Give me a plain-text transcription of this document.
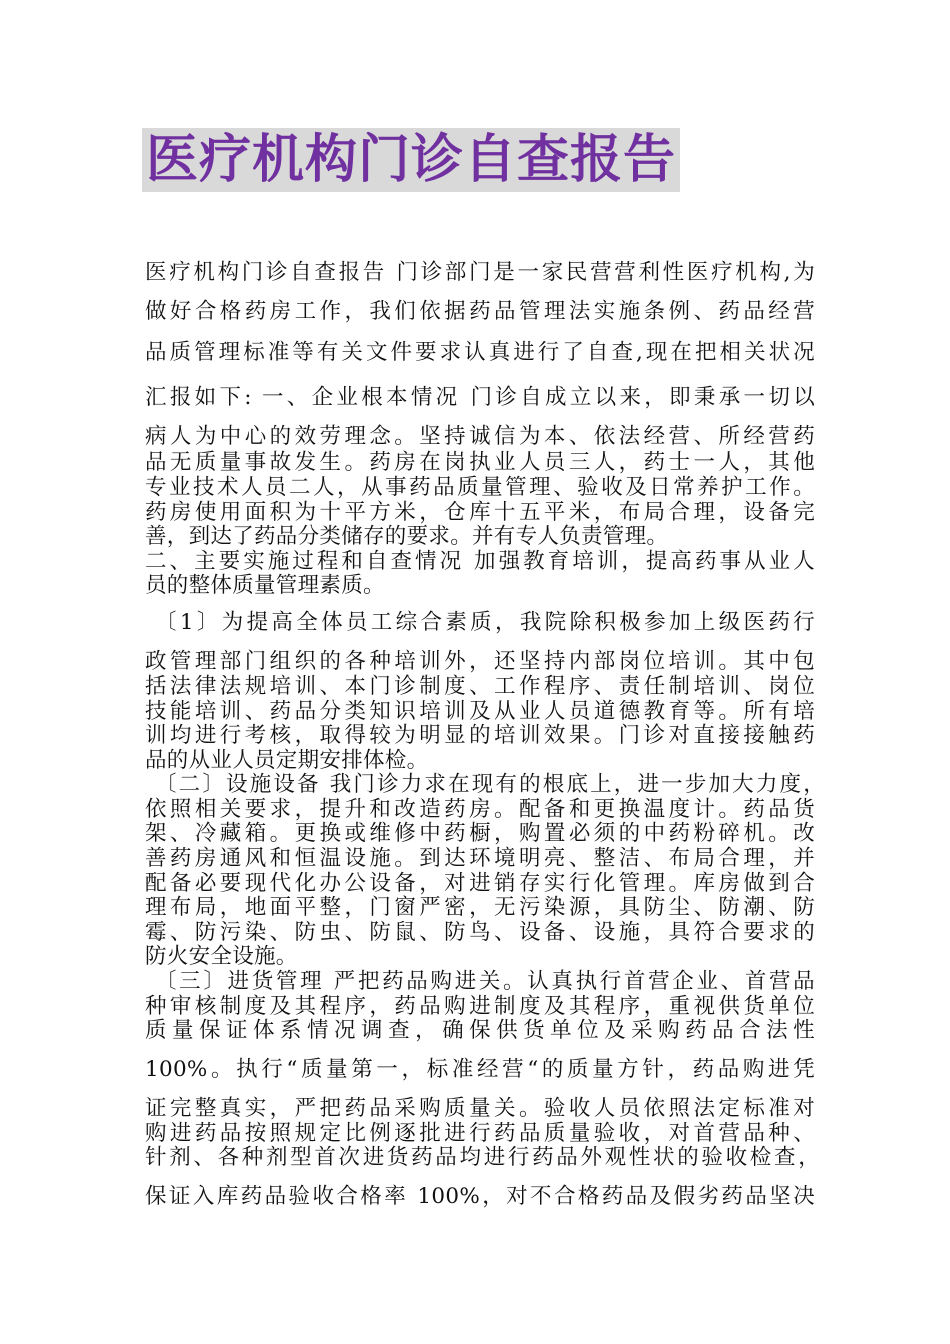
医疗机构门诊自查报告
医疗机构门诊自查报告 门诊部门是一家民营营利性医疗机构,为
做好合格药房工作，我们依据药品管理法实施条例、药品经营
品质管理标准等有关文件要求认真进行了自查,现在把相关状况
汇报如下: 一、企业根本情况 门诊自成立以来，即秉承一切以
病人为中心的效劳理念。坚持诚信为本、依法经营、所经营药
品无质量事故发生。药房在岗执业人员三人，药士一人，其他
专业技术人员二人，从事药品质量管理、验收及日常养护工作。
药房使用面积为十平方米，仓库十五平米，布局合理，设备完
善，到达了药品分类储存的要求。并有专人负责管理。
二、主要实施过程和自查情况 加强教育培训，提高药事从业人
员的整体质量管理素质。
〔1〕为提高全体员工综合素质，我院除积极参加上级医药行
政管理部门组织的各种培训外，还坚持内部岗位培训。其中包
括法律法规培训、本门诊制度、工作程序、责任制培训、岗位
技能培训、药品分类知识培训及从业人员道德教育等。所有培
训均进行考核，取得较为明显的培训效果。门诊对直接接触药
品的从业人员定期安排体检。
〔二〕设施设备 我门诊力求在现有的根底上，进一步加大力度，
依照相关要求，提升和改造药房。配备和更换温度计。药品货
架、冷藏箱。更换或维修中药橱，购置必须的中药粉碎机。改
善药房通风和恒温设施。到达环境明亮、整洁、布局合理，并
配备必要现代化办公设备，对进销存实行化管理。库房做到合
理布局，地面平整，门窗严密，无污染源，具防尘、防潮、防
霉、防污染、防虫、防鼠、防鸟、设备、设施，具符合要求的
防火安全设施。
〔三〕进货管理 严把药品购进关。认真执行首营企业、首营品
种审核制度及其程序，药品购进制度及其程序，重视供货单位
质量保证体系情况调查，确保供货单位及采购药品合法性
100%。执行“质量第一，标准经营“的质量方针，药品购进凭
证完整真实，严把药品采购质量关。验收人员依照法定标准对
购进药品按照规定比例逐批进行药品质量验收，对首营品种、
针剂、各种剂型首次进货药品均进行药品外观性状的验收检查，
保证入库药品验收合格率 100%，对不合格药品及假劣药品坚决
